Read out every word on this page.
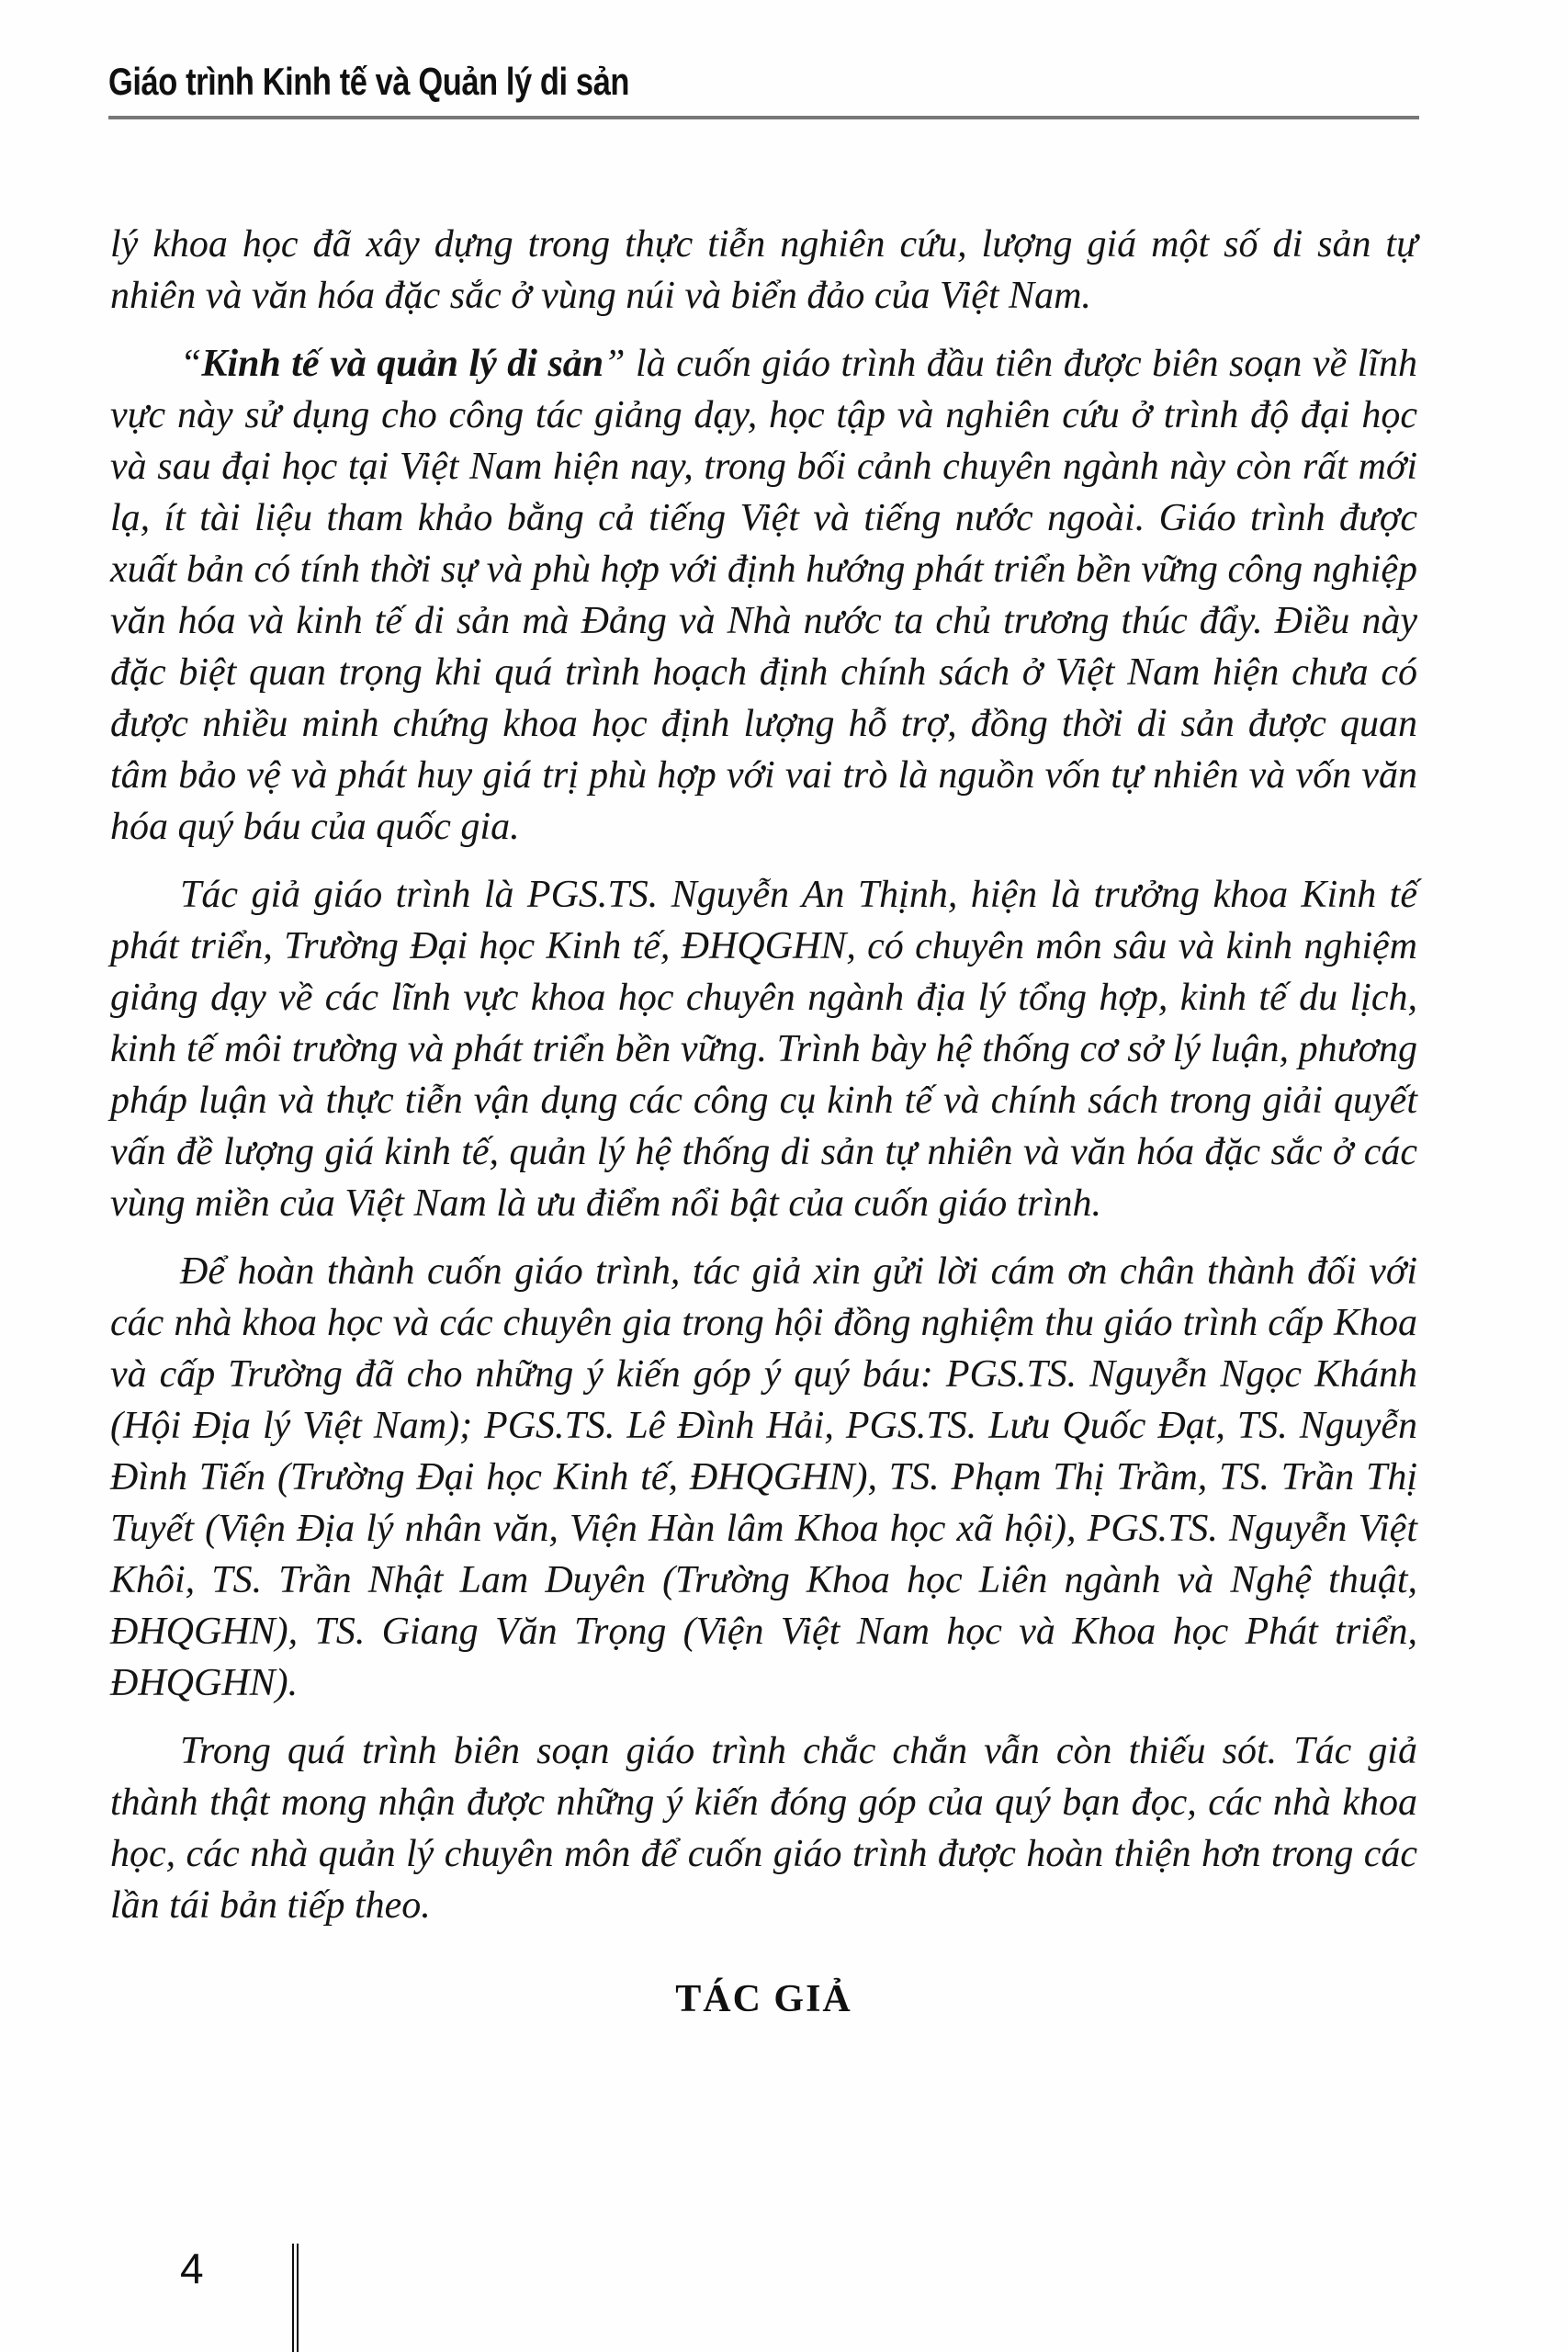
Giáo trình Kinh tế và Quản lý di sản

lý khoa học đã xây dựng trong thực tiễn nghiên cứu, lượng giá một số di sản tự nhiên và văn hóa đặc sắc ở vùng núi và biển đảo của Việt Nam.

“Kinh tế và quản lý di sản” là cuốn giáo trình đầu tiên được biên soạn về lĩnh vực này sử dụng cho công tác giảng dạy, học tập và nghiên cứu ở trình độ đại học và sau đại học tại Việt Nam hiện nay, trong bối cảnh chuyên ngành này còn rất mới lạ, ít tài liệu tham khảo bằng cả tiếng Việt và tiếng nước ngoài. Giáo trình được xuất bản có tính thời sự và phù hợp với định hướng phát triển bền vững công nghiệp văn hóa và kinh tế di sản mà Đảng và Nhà nước ta chủ trương thúc đẩy. Điều này đặc biệt quan trọng khi quá trình hoạch định chính sách ở Việt Nam hiện chưa có được nhiều minh chứng khoa học định lượng hỗ trợ, đồng thời di sản được quan tâm bảo vệ và phát huy giá trị phù hợp với vai trò là nguồn vốn tự nhiên và vốn văn hóa quý báu của quốc gia.

Tác giả giáo trình là PGS.TS. Nguyễn An Thịnh, hiện là trưởng khoa Kinh tế phát triển, Trường Đại học Kinh tế, ĐHQGHN, có chuyên môn sâu và kinh nghiệm giảng dạy về các lĩnh vực khoa học chuyên ngành địa lý tổng hợp, kinh tế du lịch, kinh tế môi trường và phát triển bền vững. Trình bày hệ thống cơ sở lý luận, phương pháp luận và thực tiễn vận dụng các công cụ kinh tế và chính sách trong giải quyết vấn đề lượng giá kinh tế, quản lý hệ thống di sản tự nhiên và văn hóa đặc sắc ở các vùng miền của Việt Nam là ưu điểm nổi bật của cuốn giáo trình.

Để hoàn thành cuốn giáo trình, tác giả xin gửi lời cám ơn chân thành đối với các nhà khoa học và các chuyên gia trong hội đồng nghiệm thu giáo trình cấp Khoa và cấp Trường đã cho những ý kiến góp ý quý báu: PGS.TS. Nguyễn Ngọc Khánh (Hội Địa lý Việt Nam); PGS.TS. Lê Đình Hải, PGS.TS. Lưu Quốc Đạt, TS. Nguyễn Đình Tiến (Trường Đại học Kinh tế, ĐHQGHN), TS. Phạm Thị Trầm, TS. Trần Thị Tuyết (Viện Địa lý nhân văn, Viện Hàn lâm Khoa học xã hội), PGS.TS. Nguyễn Việt Khôi, TS. Trần Nhật Lam Duyên (Trường Khoa học Liên ngành và Nghệ thuật, ĐHQGHN), TS. Giang Văn Trọng (Viện Việt Nam học và Khoa học Phát triển, ĐHQGHN).

Trong quá trình biên soạn giáo trình chắc chắn vẫn còn thiếu sót. Tác giả thành thật mong nhận được những ý kiến đóng góp của quý bạn đọc, các nhà khoa học, các nhà quản lý chuyên môn để cuốn giáo trình được hoàn thiện hơn trong các lần tái bản tiếp theo.

TÁC GIẢ
4
